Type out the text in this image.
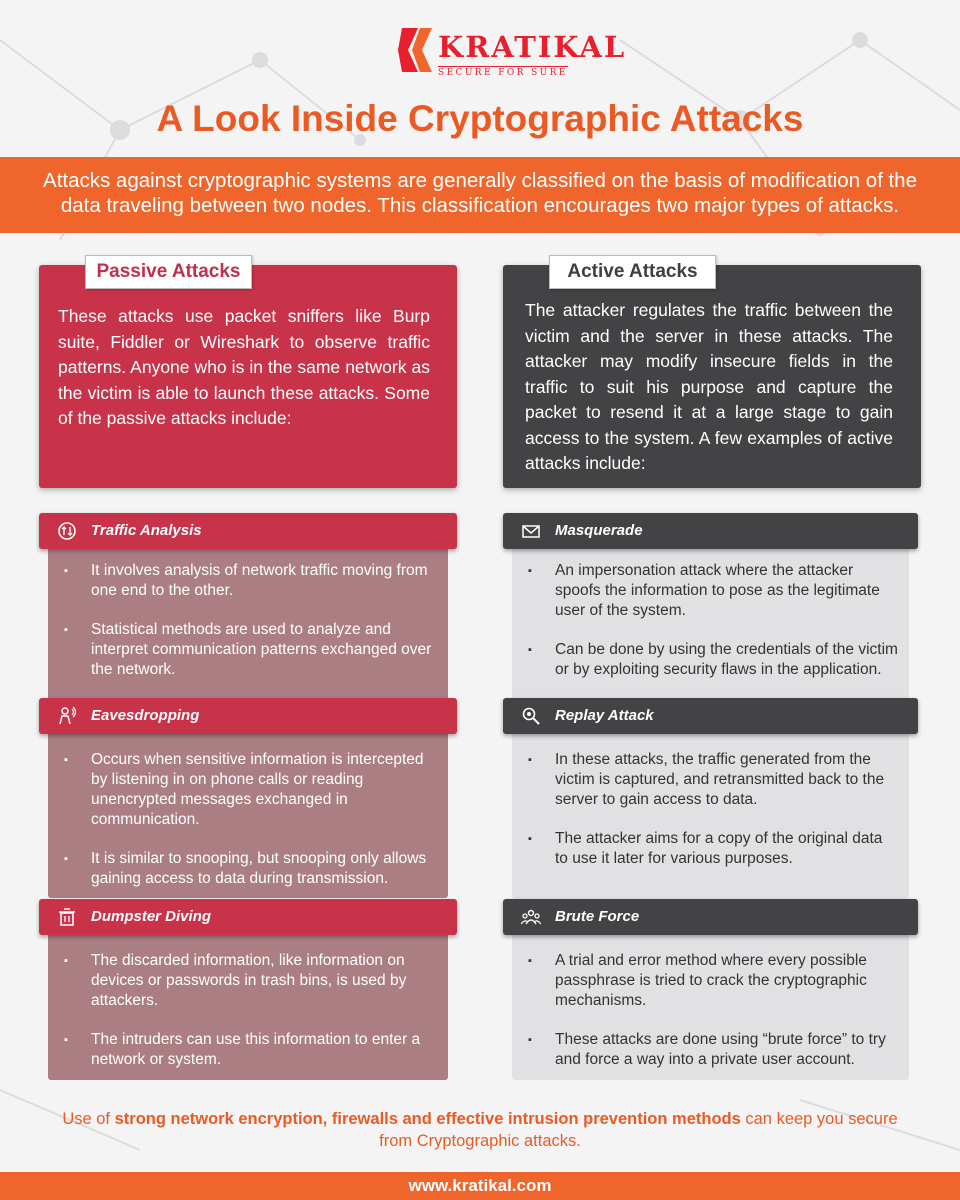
KRATIKAL
SECURE FOR SURE
A Look Inside Cryptographic Attacks
Attacks against cryptographic systems are generally classified on the basis of modification of the data traveling between two nodes. This classification encourages two major types of attacks.
Passive Attacks
These attacks use packet sniffers like Burp suite, Fiddler or Wireshark to observe traffic patterns. Anyone who is in the same network as the victim is able to launch these attacks. Some of the passive attacks include:
Active Attacks
The attacker regulates the traffic between the victim and the server in these attacks. The attacker may modify insecure fields in the traffic to suit his purpose and capture the packet to resend it at a large stage to gain access to the system. A few examples of active attacks include:
Traffic Analysis
▪ It involves analysis of network traffic moving from one end to the other.
▪ Statistical methods are used to analyze and interpret communication patterns exchanged over the network.
Eavesdropping
▪ Occurs when sensitive information is intercepted by listening in on phone calls or reading unencrypted messages exchanged in communication.
▪ It is similar to snooping, but snooping only allows gaining access to data during transmission.
Dumpster Diving
▪ The discarded information, like information on devices or passwords in trash bins, is used by attackers.
▪ The intruders can use this information to enter a network or system.
Masquerade
▪ An impersonation attack where the attacker spoofs the information to pose as the legitimate user of the system.
▪ Can be done by using the credentials of the victim or by exploiting security flaws in the application.
Replay Attack
▪ In these attacks, the traffic generated from the victim is captured, and retransmitted back to the server to gain access to data.
▪ The attacker aims for a copy of the original data to use it later for various purposes.
Brute Force
▪ A trial and error method where every possible passphrase is tried to crack the cryptographic mechanisms.
▪ These attacks are done using “brute force” to try and force a way into a private user account.
Use of strong network encryption, firewalls and effective intrusion prevention methods can keep you secure from Cryptographic attacks.
www.kratikal.com
